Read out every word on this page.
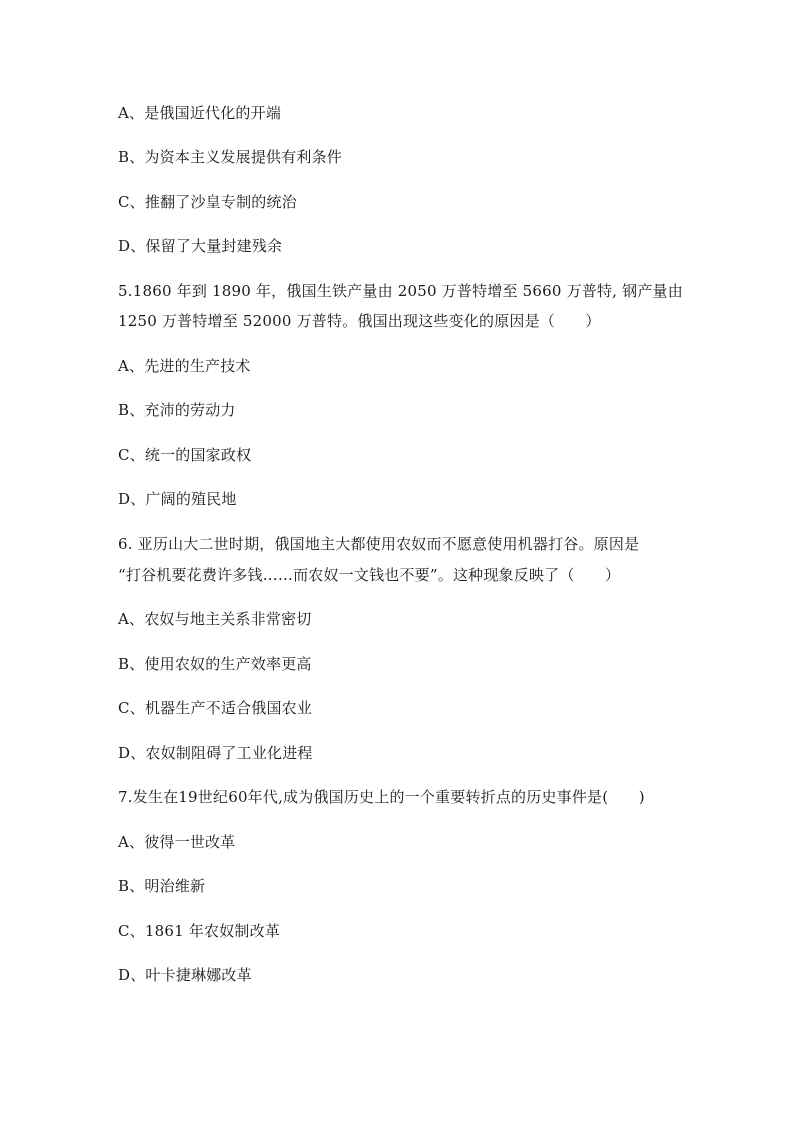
A、是俄国近代化的开端
B、为资本主义发展提供有利条件
C、推翻了沙皇专制的统治
D、保留了大量封建残余
5.1860 年到 1890 年，俄国生铁产量由 2050 万普特增至 5660 万普特, 钢产量由
1250 万普特增至 52000 万普特。俄国出现这些变化的原因是（　　）
A、先进的生产技术
B、充沛的劳动力
C、统一的国家政权
D、广阔的殖民地
6. 亚历山大二世时期，俄国地主大都使用农奴而不愿意使用机器打谷。原因是
“打谷机要花费许多钱……而农奴一文钱也不要”。这种现象反映了（　　）
A、农奴与地主关系非常密切
B、使用农奴的生产效率更高
C、机器生产不适合俄国农业
D、农奴制阻碍了工业化进程
7.发生在19世纪60年代,成为俄国历史上的一个重要转折点的历史事件是(　　)
A、彼得一世改革
B、明治维新
C、1861 年农奴制改革
D、叶卡捷琳娜改革
